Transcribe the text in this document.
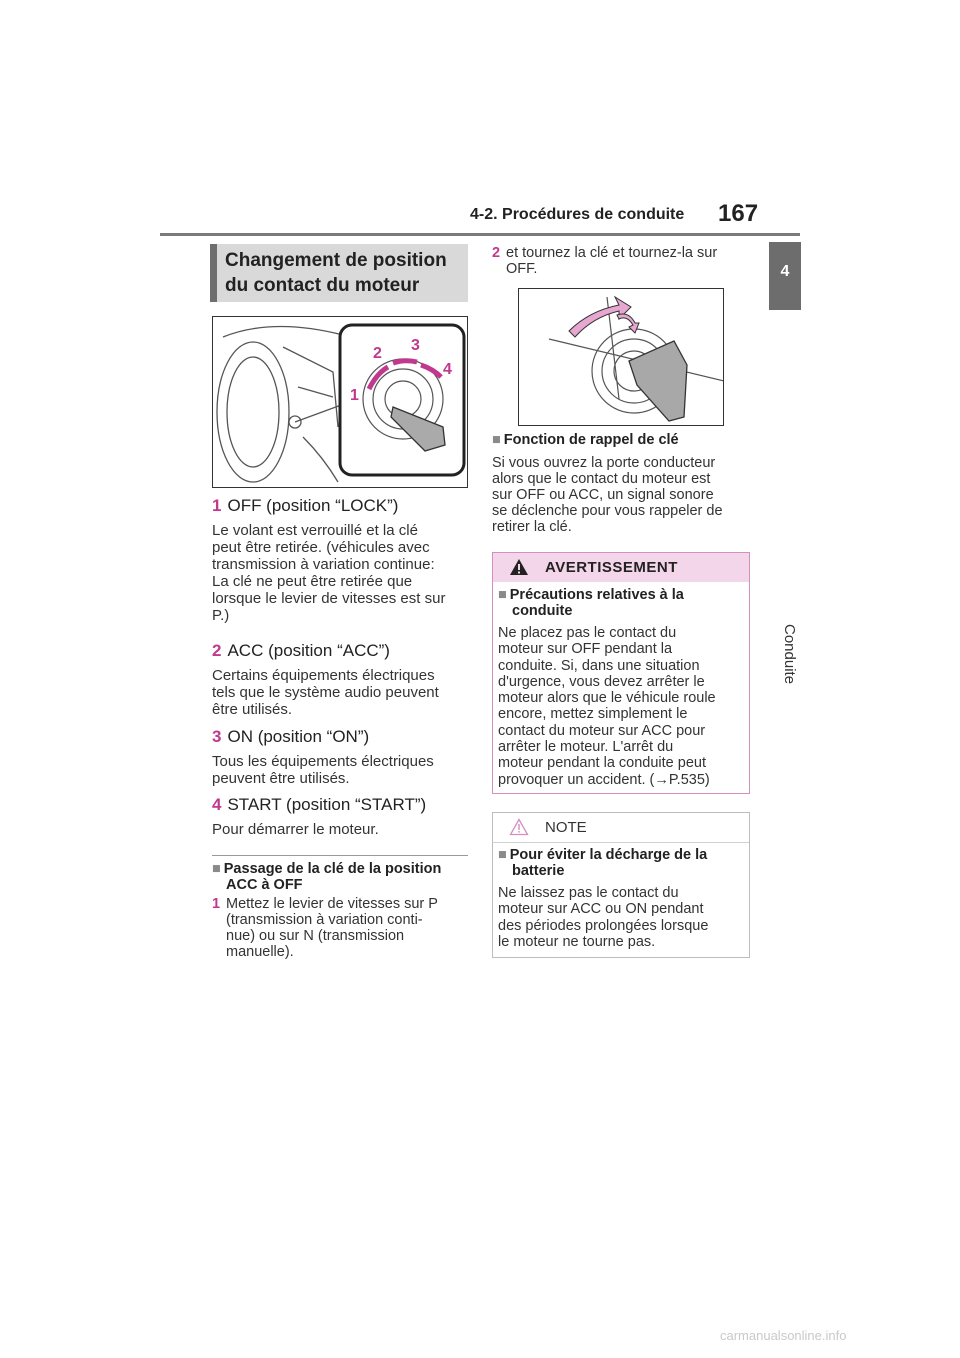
4-2. Procédures de conduite 167
4
Conduite
Changement de position
du contact du moteur
1
2 3
4
1 OFF (position “LOCK”)
Le volant est verrouillé et la clé
peut être retirée. (véhicules avec
transmission à variation continue:
La clé ne peut être retirée que
lorsque le levier de vitesses est sur
P.)
2 ACC (position “ACC”)
Certains équipements électriques
tels que le système audio peuvent
être utilisés.
3 ON (position “ON”)
Tous les équipements électriques
peuvent être utilisés.
4 START (position “START”)
Pour démarrer le moteur.
■ Passage de la clé de la position
ACC à OFF
1 Mettez le levier de vitesses sur P
(transmission à variation conti-
nue) ou sur N (transmission
manuelle).
2 et tournez la clé et tournez-la sur
OFF.
■ Fonction de rappel de clé
Si vous ouvrez la porte conducteur
alors que le contact du moteur est
sur OFF ou ACC, un signal sonore
se déclenche pour vous rappeler de
retirer la clé.
AVERTISSEMENT
■ Précautions relatives à la
conduite
Ne placez pas le contact du
moteur sur OFF pendant la
conduite. Si, dans une situation
d'urgence, vous devez arrêter le
moteur alors que le véhicule roule
encore, mettez simplement le
contact du moteur sur ACC pour
arrêter le moteur. L'arrêt du
moteur pendant la conduite peut
provoquer un accident. (→P.535)
NOTE
■ Pour éviter la décharge de la
batterie
Ne laissez pas le contact du
moteur sur ACC ou ON pendant
des périodes prolongées lorsque
le moteur ne tourne pas.
carmanualsonline.info
